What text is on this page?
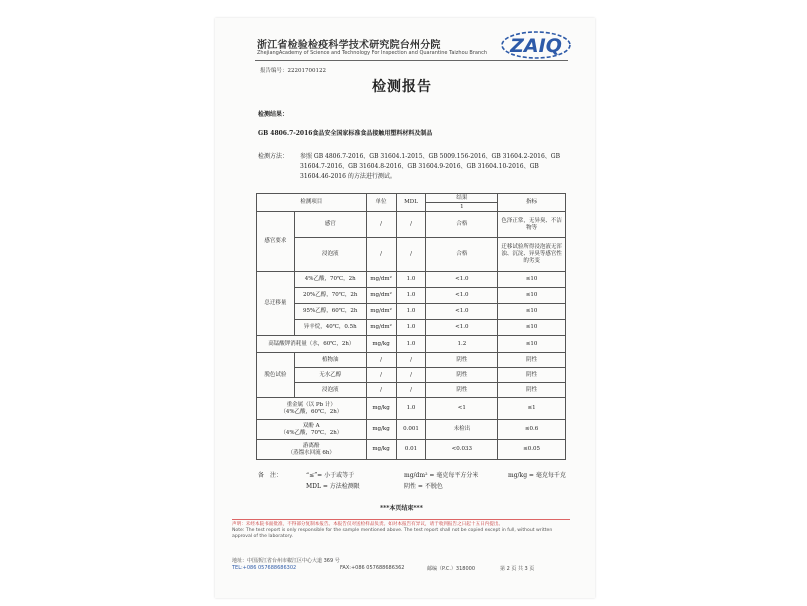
浙江省检验检疫科学技术研究院台州分院
ZhejiangAcademy of Science and Technology For Inspection and Quarantine Taizhou Branch ZAIQ
报告编号：22201700122
检测报告
检测结果：
GB 4806.7-2016食品安全国家标准食品接触用塑料材料及制品
检测方法：	参照 GB 4806.7-2016、GB 31604.1-2015、GB 5009.156-2016、GB 31604.2-2016、GB 31604.7-2016、GB 31604.8-2016、GB 31604.9-2016、GB 31604.10-2016、GB 31604.46-2016 的方法进行测试。
检测项目		单位	MDL	结果	指标
				1	
感官要求	感官	/	/	合格	色泽正常，无异臭、不洁物等
	浸泡液	/	/	合格	迁移试验所得浸泡液无浑浊、沉淀、异臭等感官性的劣变
总迁移量	4%乙酸，70℃，2h	mg/dm²	1.0	<1.0	≤10
	20%乙醇，70℃，2h	mg/dm²	1.0	<1.0	≤10
	95%乙醇，60℃，2h	mg/dm²	1.0	<1.0	≤10
	异辛烷，40℃，0.5h	mg/dm²	1.0	<1.0	≤10
高锰酸钾消耗量（水，60℃，2h）		mg/kg	1.0	1.2	≤10
脱色试验	植物油	/	/	阴性	阴性
	无水乙醇	/	/	阴性	阴性
	浸泡液	/	/	阴性	阴性

重金属（以 Pb 计）
（4%乙酸，60℃，2h）		mg/kg	1.0	<1	≤1

双酚 A
（4%乙酸，70℃，2h）		mg/kg	0.001	未检出	≤0.6

游离酚
（蒸馏水回流 6h）		mg/kg	0.01	<0.033	≤0.05
备　注：	“≤”= 小于或等于	mg/dm² = 毫克每平方分米	mg/kg = 毫克每千克
MDL = 方法检测限	阴性 = 不脱色
***本页结束***
声明：未经本院书面批准，不得部分复制本报告。本报告仅对送检样品负责。如对本报告有异议，请于收到报告之日起十五日内提出。
Note: The test report is only responsible for the sample mentioned above. The test report shall not be copied except in full, without written
approval of the laboratory.
地址：中国浙江省台州市椒江区中心大道 369 号
TEL:+086 057688686302	FAX:+086 057688686362	邮编（P.C.）318000	第 2 页 共 3 页
